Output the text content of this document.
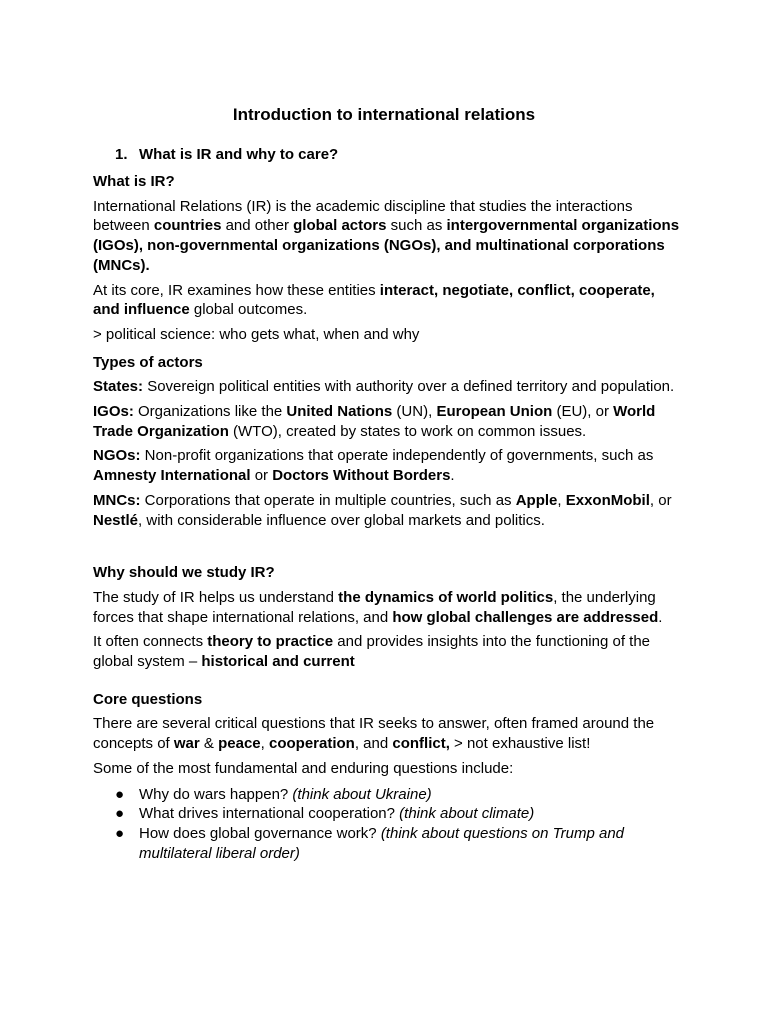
Introduction to international relations
1. What is IR and why to care?

What is IR?

International Relations (IR) is the academic discipline that studies the interactions between countries and other global actors such as intergovernmental organizations (IGOs), non-governmental organizations (NGOs), and multinational corporations (MNCs).

At its core, IR examines how these entities interact, negotiate, conflict, cooperate, and influence global outcomes.

> political science: who gets what, when and why

Types of actors

States: Sovereign political entities with authority over a defined territory and population.

IGOs: Organizations like the United Nations (UN), European Union (EU), or World Trade Organization (WTO), created by states to work on common issues.

NGOs: Non-profit organizations that operate independently of governments, such as Amnesty International or Doctors Without Borders.

MNCs: Corporations that operate in multiple countries, such as Apple, ExxonMobil, or Nestlé, with considerable influence over global markets and politics.

Why should we study IR?

The study of IR helps us understand the dynamics of world politics, the underlying forces that shape international relations, and how global challenges are addressed.

It often connects theory to practice and provides insights into the functioning of the global system – historical and current

Core questions

There are several critical questions that IR seeks to answer, often framed around the concepts of war & peace, cooperation, and conflict, > not exhaustive list!

Some of the most fundamental and enduring questions include:

● Why do wars happen? (think about Ukraine)
● What drives international cooperation? (think about climate)
● How does global governance work? (think about questions on Trump and multilateral liberal order)
